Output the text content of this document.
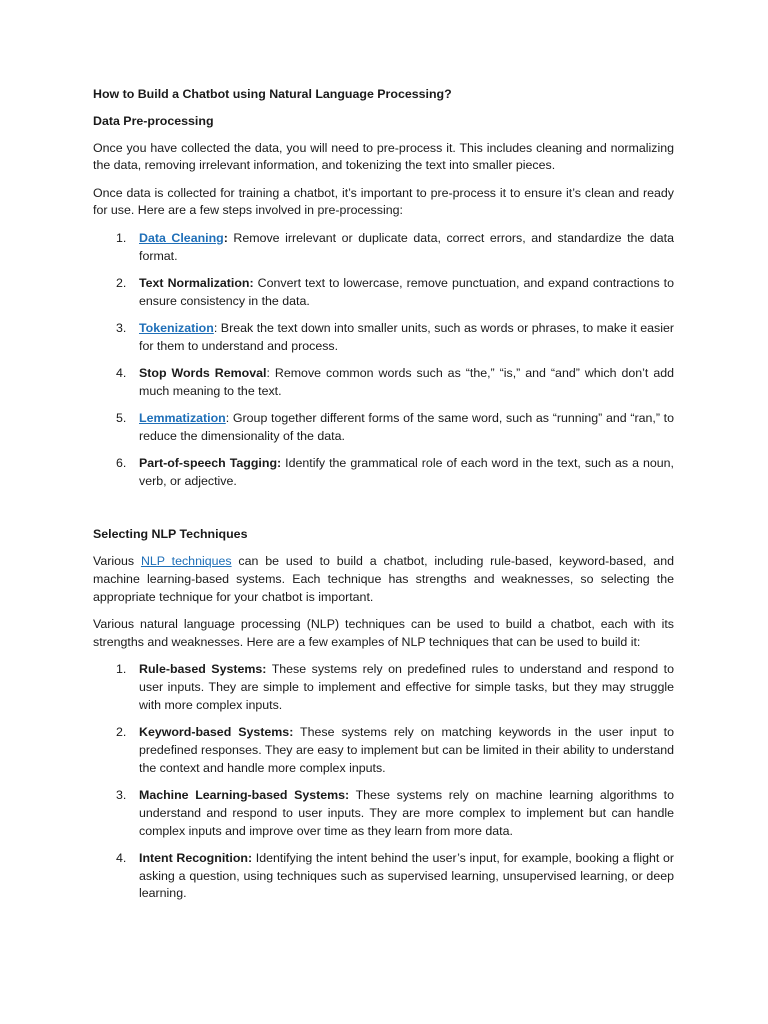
How to Build a Chatbot using Natural Language Processing?
Data Pre-processing

Once you have collected the data, you will need to pre-process it. This includes cleaning and normalizing the data, removing irrelevant information, and tokenizing the text into smaller pieces.

Once data is collected for training a chatbot, it’s important to pre-process it to ensure it’s clean and ready for use. Here are a few steps involved in pre-processing:

1. Data Cleaning: Remove irrelevant or duplicate data, correct errors, and standardize the data format.
2. Text Normalization: Convert text to lowercase, remove punctuation, and expand contractions to ensure consistency in the data.
3. Tokenization: Break the text down into smaller units, such as words or phrases, to make it easier for them to understand and process.
4. Stop Words Removal: Remove common words such as “the,” “is,” and “and” which don’t add much meaning to the text.
5. Lemmatization: Group together different forms of the same word, such as “running” and “ran,” to reduce the dimensionality of the data.
6. Part-of-speech Tagging: Identify the grammatical role of each word in the text, such as a noun, verb, or adjective.
Selecting NLP Techniques

Various NLP techniques can be used to build a chatbot, including rule-based, keyword-based, and machine learning-based systems. Each technique has strengths and weaknesses, so selecting the appropriate technique for your chatbot is important.

Various natural language processing (NLP) techniques can be used to build a chatbot, each with its strengths and weaknesses. Here are a few examples of NLP techniques that can be used to build it:

1. Rule-based Systems: These systems rely on predefined rules to understand and respond to user inputs. They are simple to implement and effective for simple tasks, but they may struggle with more complex inputs.
2. Keyword-based Systems: These systems rely on matching keywords in the user input to predefined responses. They are easy to implement but can be limited in their ability to understand the context and handle more complex inputs.
3. Machine Learning-based Systems: These systems rely on machine learning algorithms to understand and respond to user inputs. They are more complex to implement but can handle complex inputs and improve over time as they learn from more data.
4. Intent Recognition: Identifying the intent behind the user’s input, for example, booking a flight or asking a question, using techniques such as supervised learning, unsupervised learning, or deep learning.
